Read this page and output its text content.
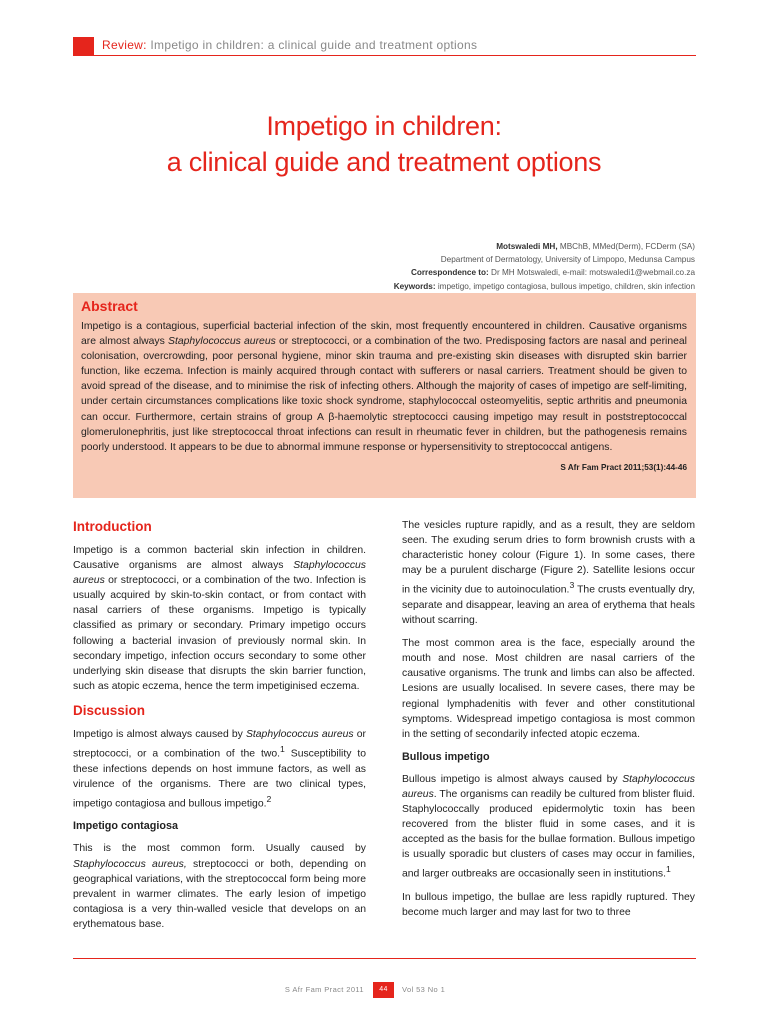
Review: Impetigo in children: a clinical guide and treatment options
Impetigo in children:
a clinical guide and treatment options
Motswaledi MH, MBChB, MMed(Derm), FCDerm (SA)
Department of Dermatology, University of Limpopo, Medunsa Campus
Correspondence to: Dr MH Motswaledi, e-mail: motswaledi1@webmail.co.za
Keywords: impetigo, impetigo contagiosa, bullous impetigo, children, skin infection
Abstract

Impetigo is a contagious, superficial bacterial infection of the skin, most frequently encountered in children. Causative organisms are almost always Staphylococcus aureus or streptococci, or a combination of the two. Predisposing factors are nasal and perineal colonisation, overcrowding, poor personal hygiene, minor skin trauma and pre-existing skin diseases with disrupted skin barrier function, like eczema. Infection is mainly acquired through contact with sufferers or nasal carriers. Treatment should be given to avoid spread of the disease, and to minimise the risk of infecting others. Although the majority of cases of impetigo are self-limiting, under certain circumstances complications like toxic shock syndrome, staphylococcal osteomyelitis, septic arthritis and pneumonia can occur. Furthermore, certain strains of group A β-haemolytic streptococci causing impetigo may result in poststreptococcal glomerulonephritis, just like streptococcal throat infections can result in rheumatic fever in children, but the pathogenesis remains poorly understood. It appears to be due to abnormal immune response or hypersensitivity to streptococcal antigens.

S Afr Fam Pract 2011;53(1):44-46
Introduction

Impetigo is a common bacterial skin infection in children. Causative organisms are almost always Staphylococcus aureus or streptococci, or a combination of the two. Infection is usually acquired by skin-to-skin contact, or from contact with nasal carriers of these organisms. Impetigo is typically classified as primary or secondary. Primary impetigo occurs following a bacterial invasion of previously normal skin. In secondary impetigo, infection occurs secondary to some other underlying skin disease that disrupts the skin barrier function, such as atopic eczema, hence the term impetiginised eczema.

Discussion

Impetigo is almost always caused by Staphylococcus aureus or streptococci, or a combination of the two.$^1$ Susceptibility to these infections depends on host immune factors, as well as virulence of the organisms. There are two clinical types, impetigo contagiosa and bullous impetigo.$^2$

Impetigo contagiosa

This is the most common form. Usually caused by Staphylococcus aureus, streptococci or both, depending on geographical variations, with the streptococcal form being more prevalent in warmer climates. The early lesion of impetigo contagiosa is a very thin-walled vesicle that develops on an erythematous base.

The vesicles rupture rapidly, and as a result, they are seldom seen. The exuding serum dries to form brownish crusts with a characteristic honey colour (Figure 1). In some cases, there may be a purulent discharge (Figure 2). Satellite lesions occur in the vicinity due to autoinoculation.$^3$ The crusts eventually dry, separate and disappear, leaving an area of erythema that heals without scarring.

The most common area is the face, especially around the mouth and nose. Most children are nasal carriers of the causative organisms. The trunk and limbs can also be affected. Lesions are usually localised. In severe cases, there may be regional lymphadenitis with fever and other constitutional symptoms. Widespread impetigo contagiosa is most common in the setting of secondarily infected atopic eczema.

Bullous impetigo

Bullous impetigo is almost always caused by Staphylococcus aureus. The organisms can readily be cultured from blister fluid. Staphylococcally produced epidermolytic toxin has been recovered from the blister fluid in some cases, and it is accepted as the basis for the bullae formation. Bullous impetigo is usually sporadic but clusters of cases may occur in families, and larger outbreaks are occasionally seen in institutions.$^1$

In bullous impetigo, the bullae are less rapidly ruptured. They become much larger and may last for two to three

S Afr Fam Pract 2011	44	Vol 53 No 1
